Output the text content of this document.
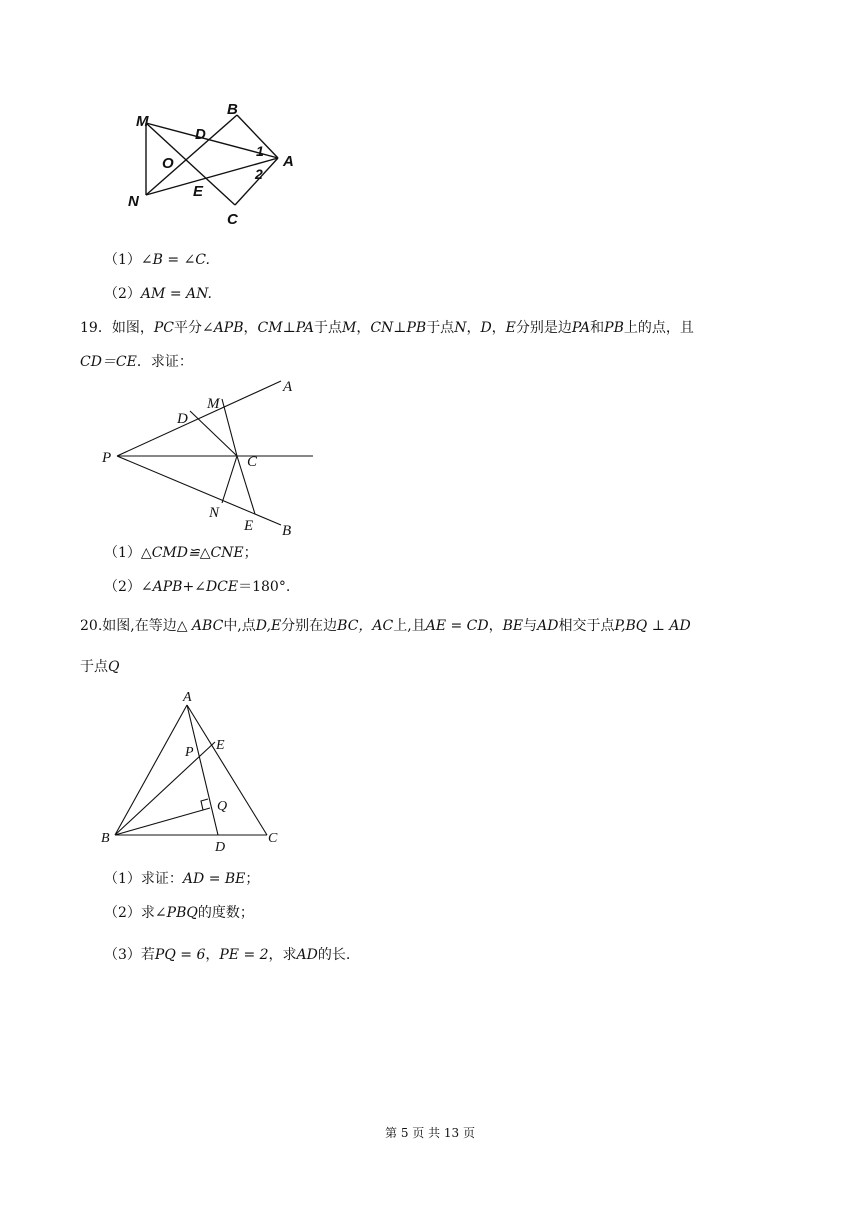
M
B
D
1
O	A
2
N
E
C
（1）∠B = ∠C.
（2）AM = AN.
19．如图，PC平分∠APB，CM⊥PA于点M，CN⊥PB于点N，D，E分别是边PA和PB上的点，且
CD＝CE．求证：
A
M
D
P	C
N
E B
（1）△CMD≌△CNE；
（2）∠APB+∠DCE＝180°.
20.如图,在等边△ ABC中,点D,E分别在边BC，AC上,且AE = CD，BE与AD相交于点P,BQ ⊥ AD
于点Q
A
E
P
Q
B
D
C
（1）求证：AD = BE；
（2）求∠PBQ的度数；
（3）若PQ = 6，PE = 2，求AD的长.
第 5 页 共 13 页
